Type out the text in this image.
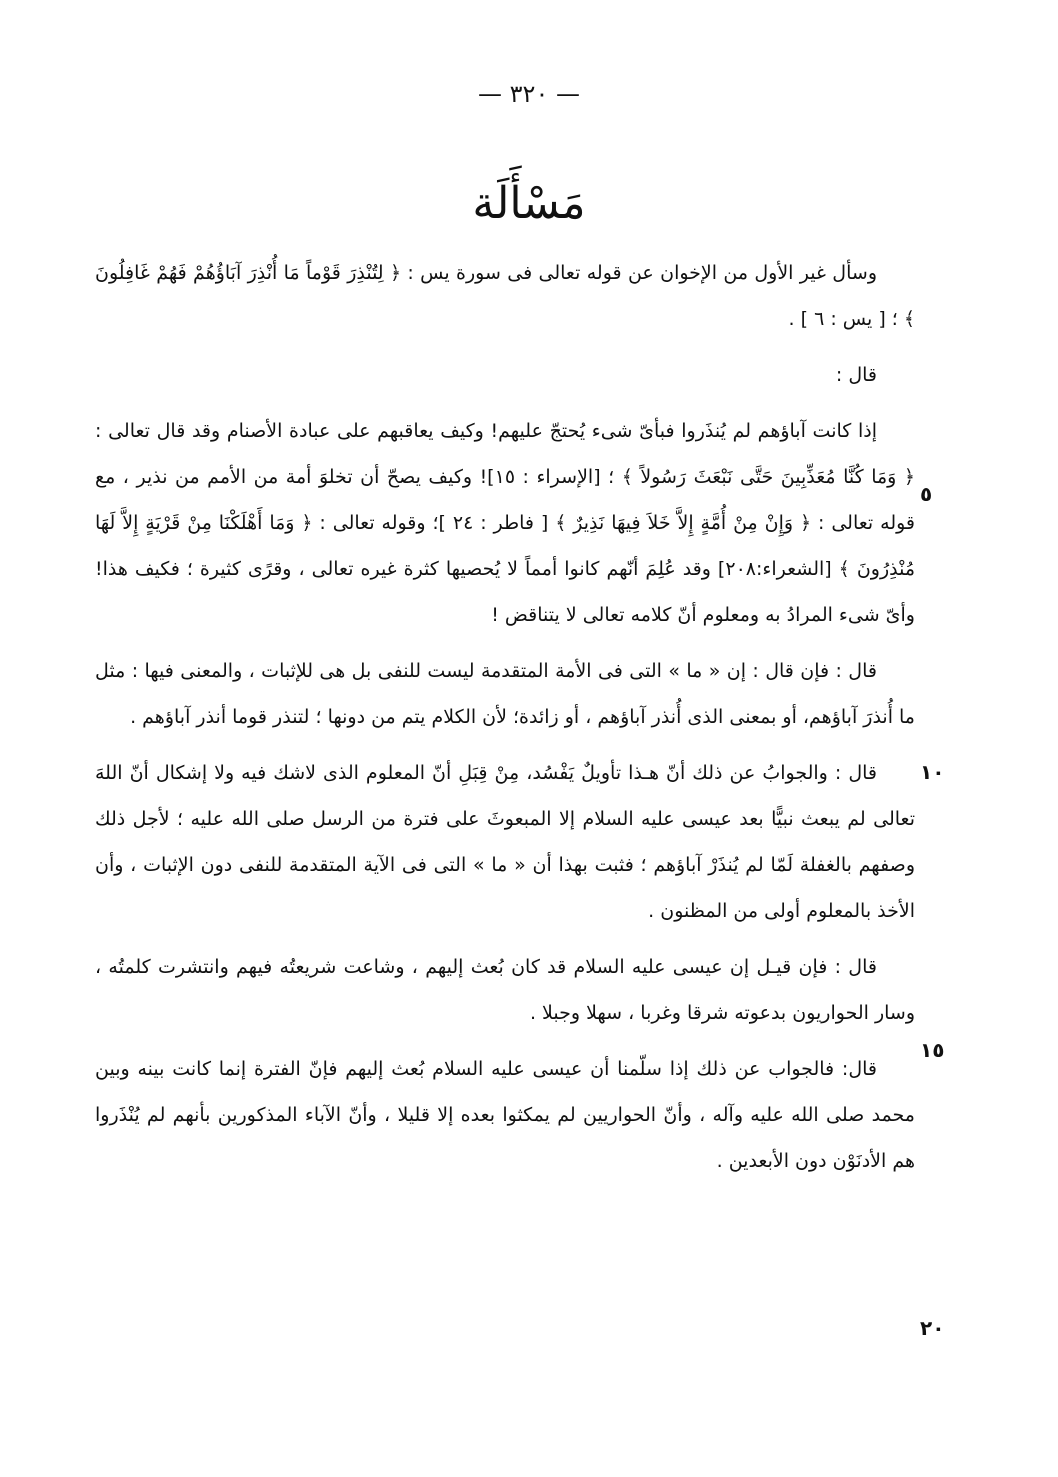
— ٣٢٠ —
مَسْأَلَة

وسأل غير الأول من الإخوان عن قوله تعالى فى سورة يس : ﴿ لِتُنْذِرَ قَوْماً مَا أُنْذِرَ آبَاؤُهُمْ فَهُمْ غَافِلُونَ ﴾ ؛ [ يس : ٦ ] .

قال :

إذا كانت آباؤهم لم يُنذَروا فبأىّ شىء يُحتجّ عليهم! وكيف يعاقبهم على عبادة الأصنام وقد قال تعالى : ﴿ وَمَا كُنَّا مُعَذِّبِينَ حَتَّى نَبْعَثَ رَسُولاً ﴾ ؛ [الإسراء : ١٥]! وكيف يصحّ أن تخلوَ أمة من الأمم من نذير ، مع قوله تعالى : ﴿ وَإِنْ مِنْ أُمَّةٍ إِلاَّ خَلاَ فِيهَا نَذِيرٌ ﴾ [ فاطر : ٢٤ ]؛ وقوله تعالى : ﴿ وَمَا أَهْلَكْنَا مِنْ قَرْيَةٍ إِلاَّ لَهَا مُنْذِرُونَ ﴾ [الشعراء:٢٠٨] وقد عُلِمَ أنّهم كانوا أمماً لا يُحصيها كثرة غيره تعالى ، وقرًى كثيرة ؛ فكيف هذا! وأىّ شىء المرادُ به ومعلوم أنّ كلامه تعالى لا يتناقض !

قال : فإن قال : إن « ما » التى فى الأمة المتقدمة ليست للنفى بل هى للإثبات ، والمعنى فيها : مثل ما أُنذرَ آباؤهم، أو بمعنى الذى أُنذر آباؤهم ، أو زائدة؛ لأن الكلام يتم من دونها ؛ لتنذر قوما أنذر آباؤهم .

قال : والجوابُ عن ذلك أنّ هـذا تأويلٌ يَفْسُد، مِنْ قِبَلِ أنّ المعلوم الذى لاشك فيه ولا إشكال أنّ اللهَ تعالى لم يبعث نبيًّا بعد عيسى عليه السلام إلا المبعوثَ على فترة من الرسل صلى الله عليه ؛ لأجل ذلك وصفهم بالغفلة لَمّا لم يُنذَرْ آباؤهم ؛ فثبت بهذا أن « ما » التى فى الآية المتقدمة للنفى دون الإثبات ، وأن الأخذ بالمعلوم أولى من المظنون .

قال : فإن قيـل إن عيسى عليه السلام قد كان بُعث إليهم ، وشاعت شريعتُه فيهم وانتشرت كلمتُه ، وسار الحواريون بدعوته شرقا وغربا ، سهلا وجبلا .

قال: فالجواب عن ذلك إذا سلّمنا أن عيسى عليه السلام بُعث إليهم فإنّ الفترة إنما كانت بينه وبين محمد صلى الله عليه وآله ، وأنّ الحواريين لم يمكثوا بعده إلا قليلا ، وأنّ الآباء المذكورين بأنهم لم يُنْذَروا هم الأدنَوْن دون الأبعدين .

٥
١٠
١٥
٢٠
